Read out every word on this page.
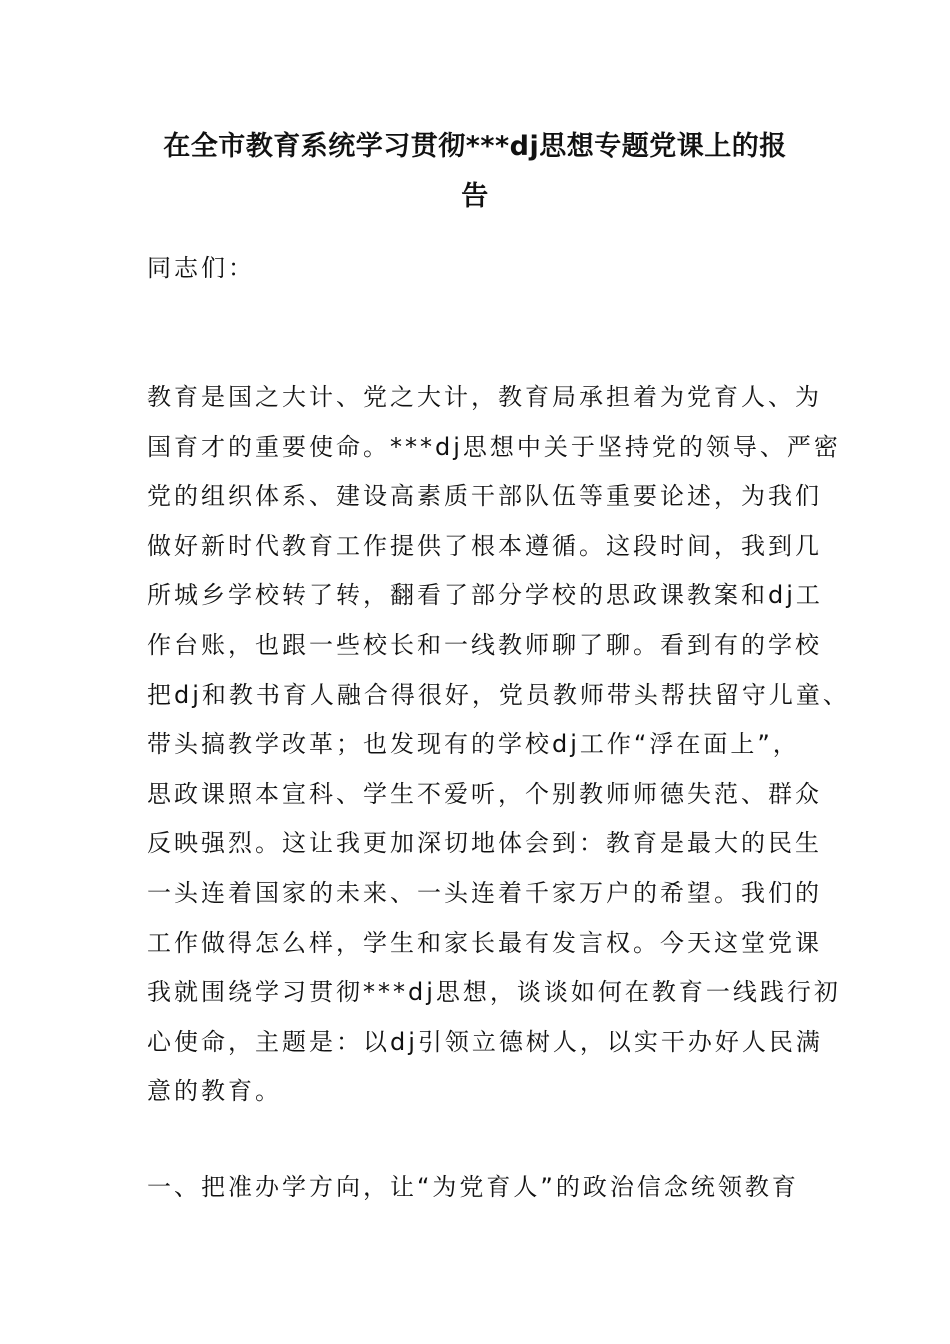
在全市教育系统学习贯彻***dj思想专题党课上的报
告
同志们：
教育是国之大计、党之大计，教育局承担着为党育人、为
国育才的重要使命。***dj思想中关于坚持党的领导、严密
党的组织体系、建设高素质干部队伍等重要论述，为我们
做好新时代教育工作提供了根本遵循。这段时间，我到几
所城乡学校转了转，翻看了部分学校的思政课教案和dj工
作台账，也跟一些校长和一线教师聊了聊。看到有的学校
把dj和教书育人融合得很好，党员教师带头帮扶留守儿童、
带头搞教学改革；也发现有的学校dj工作“浮在面上”，
思政课照本宣科、学生不爱听，个别教师师德失范、群众
反映强烈。这让我更加深切地体会到：教育是最大的民生
一头连着国家的未来、一头连着千家万户的希望。我们的
工作做得怎么样，学生和家长最有发言权。今天这堂党课
我就围绕学习贯彻***dj思想，谈谈如何在教育一线践行初
心使命，主题是：以dj引领立德树人，以实干办好人民满
意的教育。
一、把准办学方向，让“为党育人”的政治信念统领教育
